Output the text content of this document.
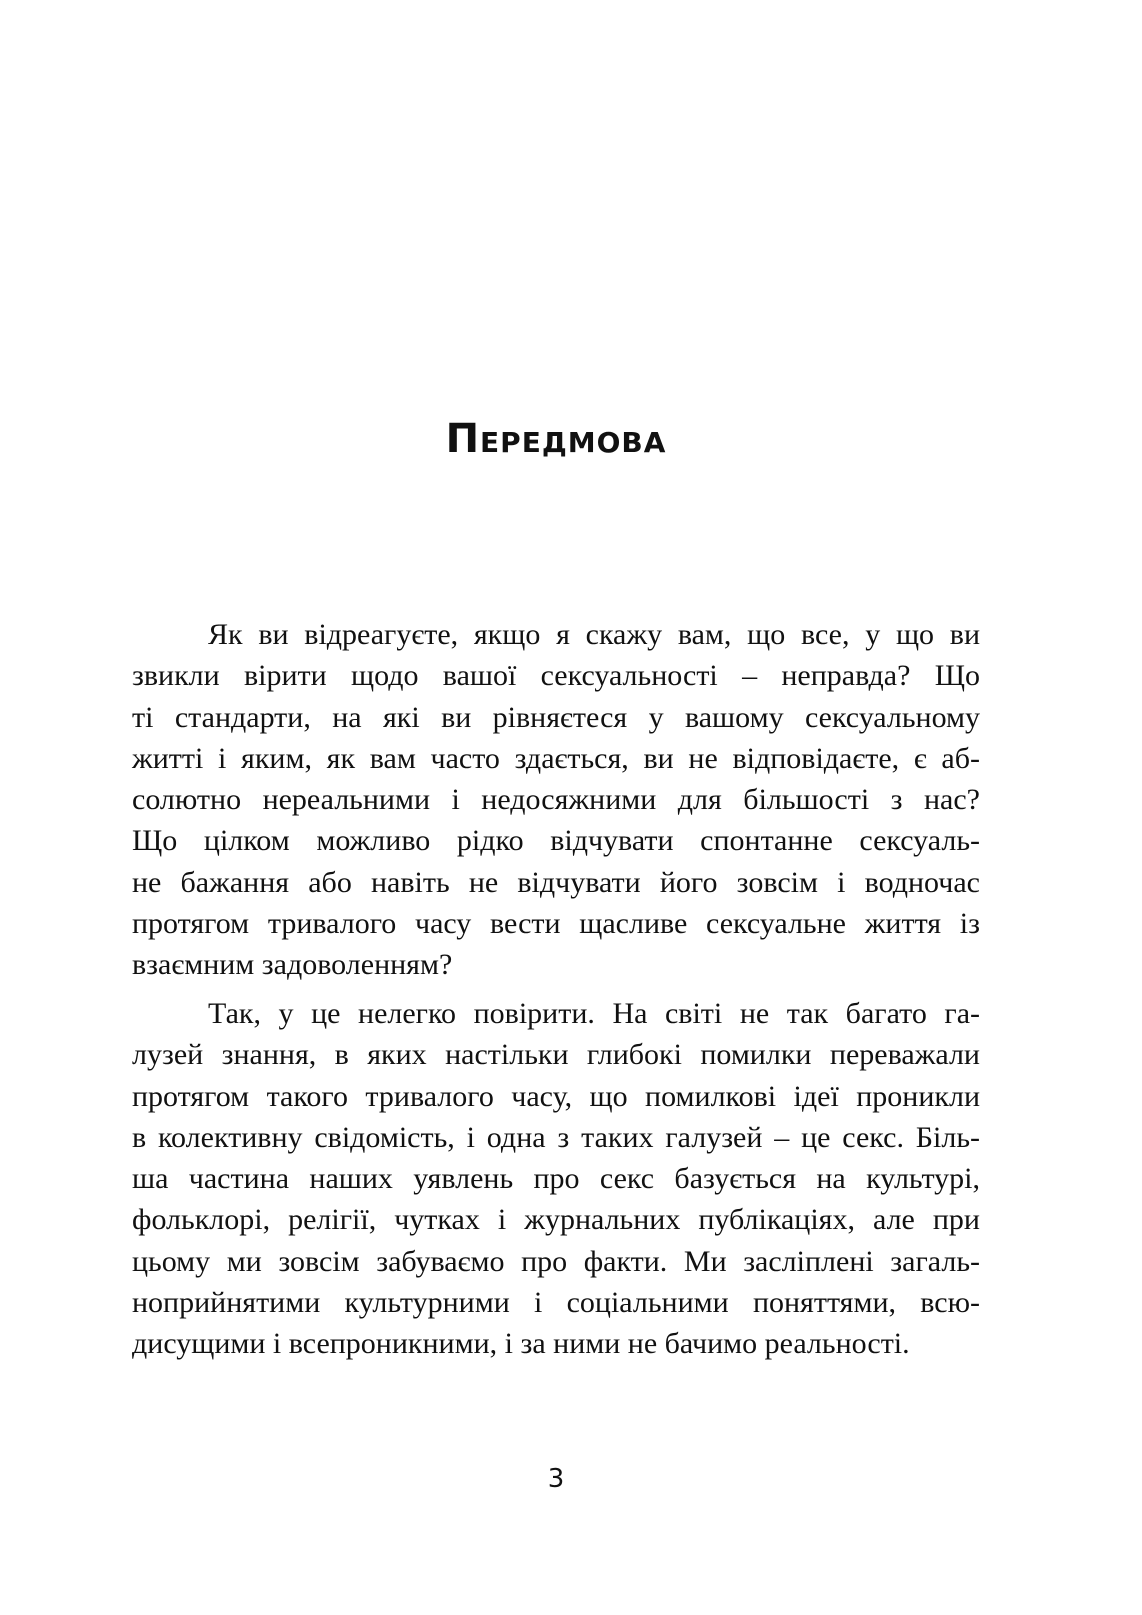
Передмова
Як ви відреагуєте, якщо я скажу вам, що все, у що ви
звикли вірити щодо вашої сексуальності – неправда? Що
ті стандарти, на які ви рівняєтеся у вашому сексуальному
житті і яким, як вам часто здається, ви не відповідаєте, є аб-
солютно нереальними і недосяжними для більшості з нас?
Що цілком можливо рідко відчувати спонтанне сексуаль-
не бажання або навіть не відчувати його зовсім і водночас
протягом тривалого часу вести щасливе сексуальне життя із
взаємним задоволенням?
Так, у це нелегко повірити. На світі не так багато га-
лузей знання, в яких настільки глибокі помилки переважали
протягом такого тривалого часу, що помилкові ідеї проникли
в колективну свідомість, і одна з таких галузей – це секс. Біль-
ша частина наших уявлень про секс базується на культурі,
фольклорі, релігії, чутках і журнальних публікаціях, але при
цьому ми зовсім забуваємо про факти. Ми засліплені загаль-
ноприйнятими культурними і соціальними поняттями, всю-
дисущими і всепроникними, і за ними не бачимо реальності.
3
